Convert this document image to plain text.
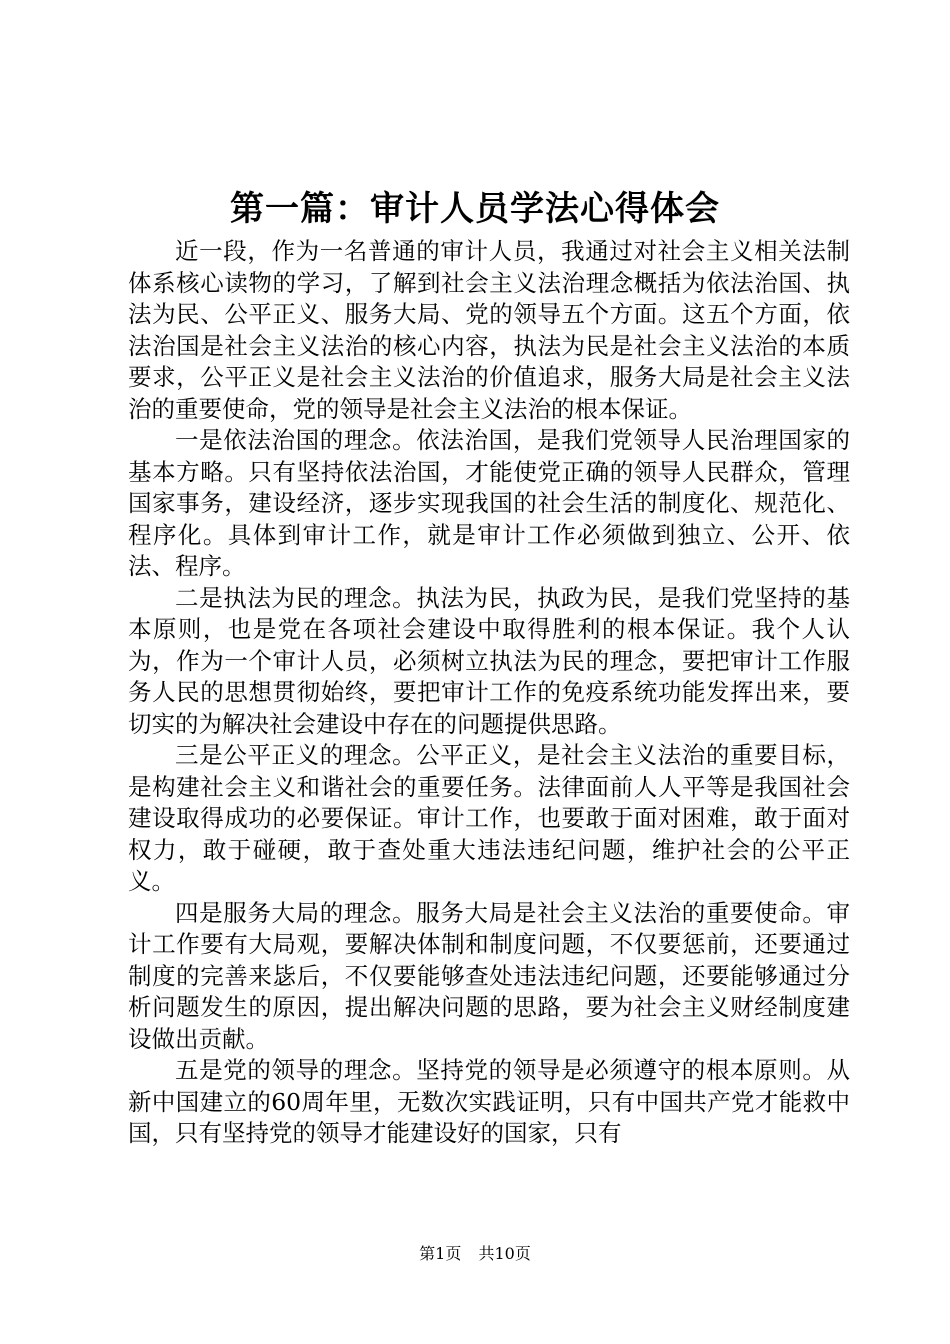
第一篇：审计人员学法心得体会

近一段，作为一名普通的审计人员，我通过对社会主义相关法制体系核心读物的学习，了解到社会主义法治理念概括为依法治国、执法为民、公平正义、服务大局、党的领导五个方面。这五个方面，依法治国是社会主义法治的核心内容，执法为民是社会主义法治的本质要求，公平正义是社会主义法治的价值追求，服务大局是社会主义法治的重要使命，党的领导是社会主义法治的根本保证。

一是依法治国的理念。依法治国，是我们党领导人民治理国家的基本方略。只有坚持依法治国，才能使党正确的领导人民群众，管理国家事务，建设经济，逐步实现我国的社会生活的制度化、规范化、程序化。具体到审计工作，就是审计工作必须做到独立、公开、依法、程序。

二是执法为民的理念。执法为民，执政为民，是我们党坚持的基本原则，也是党在各项社会建设中取得胜利的根本保证。我个人认为，作为一个审计人员，必须树立执法为民的理念，要把审计工作服务人民的思想贯彻始终，要把审计工作的免疫系统功能发挥出来，要切实的为解决社会建设中存在的问题提供思路。

三是公平正义的理念。公平正义，是社会主义法治的重要目标，是构建社会主义和谐社会的重要任务。法律面前人人平等是我国社会建设取得成功的必要保证。审计工作，也要敢于面对困难，敢于面对权力，敢于碰硬，敢于查处重大违法违纪问题，维护社会的公平正义。

四是服务大局的理念。服务大局是社会主义法治的重要使命。审计工作要有大局观，要解决体制和制度问题，不仅要惩前，还要通过制度的完善来毖后，不仅要能够查处违法违纪问题，还要能够通过分析问题发生的原因，提出解决问题的思路，要为社会主义财经制度建设做出贡献。

五是党的领导的理念。坚持党的领导是必须遵守的根本原则。从新中国建立的60周年里，无数次实践证明，只有中国共产党才能救中国，只有坚持党的领导才能建设好的国家，只有

第1页 共10页
